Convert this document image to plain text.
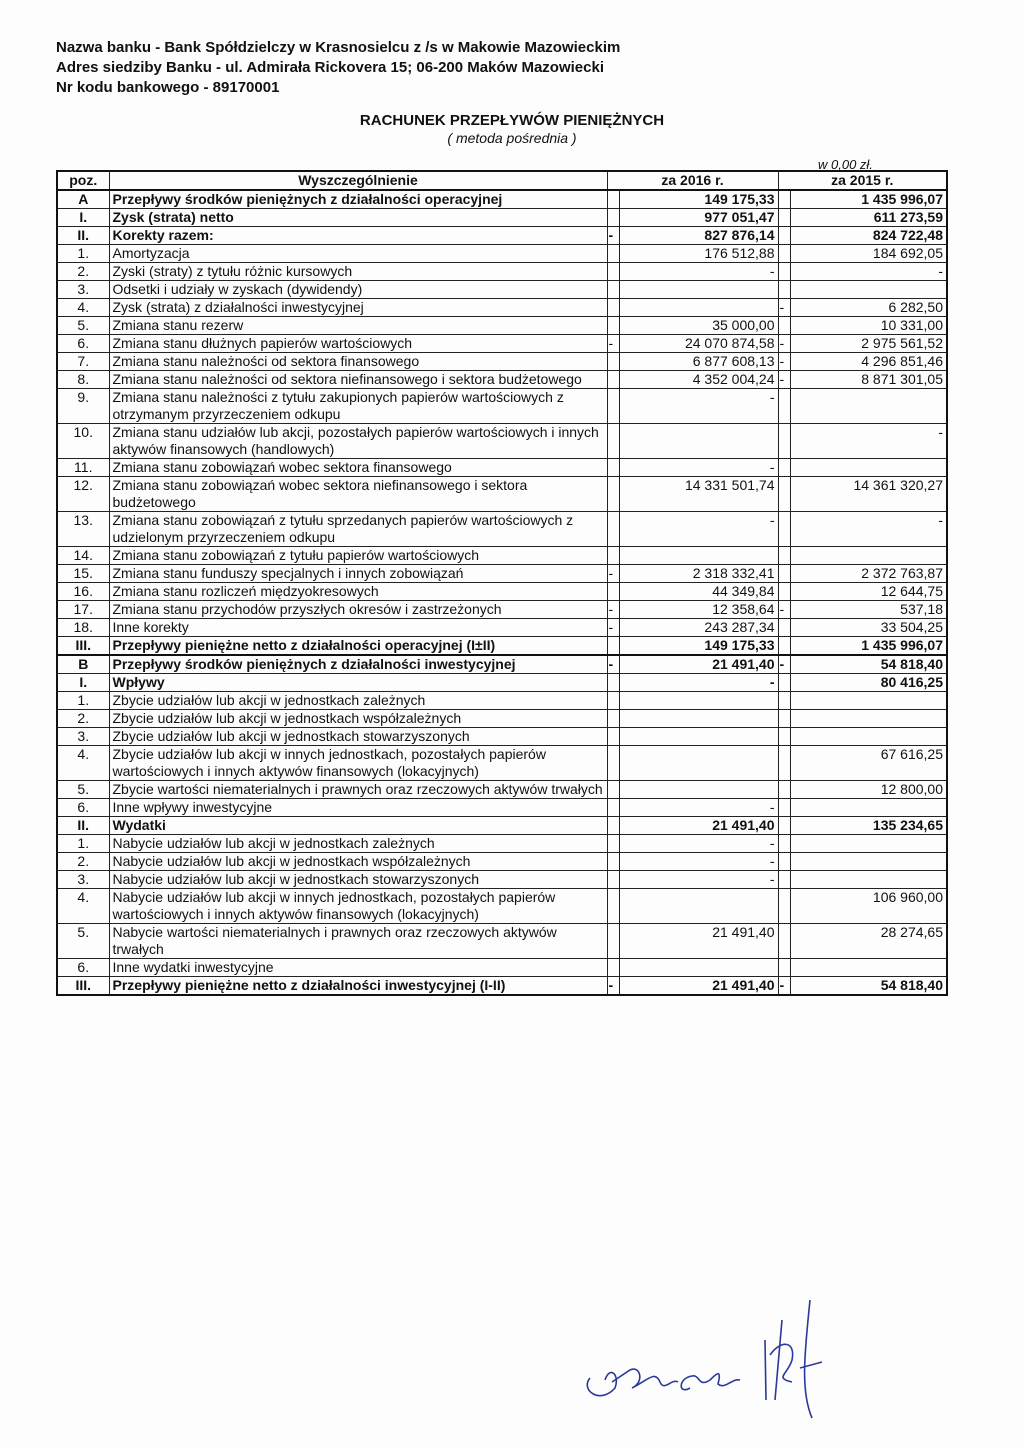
Nazwa banku - Bank Spółdzielczy w Krasnosielcu z /s w Makowie Mazowieckim
Adres siedziby Banku - ul. Admirała Rickovera 15; 06-200 Maków Mazowiecki
Nr kodu bankowego - 89170001
RACHUNEK PRZEPŁYWÓW PIENIĘŻNYCH
( metoda pośrednia )
w 0,00 zł.
poz.	Wyszczególnienie	za 2016 r.		za 2015 r.	
A	Przepływy środków pieniężnych z działalności operacyjnej		149 175,33		1 435 996,07
I.	Zysk (strata) netto		977 051,47		611 273,59
II.	Korekty razem:	-	827 876,14		824 722,48
1.	Amortyzacja		176 512,88		184 692,05
2.	Zyski (straty) z tytułu różnic kursowych		-		-
3.	Odsetki i udziały w zyskach (dywidendy)				
4.	Zysk (strata) z działalności inwestycyjnej			-	6 282,50
5.	Zmiana stanu rezerw		35 000,00		10 331,00
6.	Zmiana stanu dłużnych papierów wartościowych	-	24 070 874,58	-	2 975 561,52
7.	Zmiana stanu należności od sektora finansowego		6 877 608,13	-	4 296 851,46
8.	Zmiana stanu należności od sektora niefinansowego i sektora budżetowego		4 352 004,24	-	8 871 301,05
9.	Zmiana stanu należności z tytułu zakupionych papierów wartościowych z otrzymanym przyrzeczeniem odkupu		-		
10.	Zmiana stanu udziałów lub akcji, pozostałych papierów wartościowych i innych aktywów finansowych (handlowych)				-
11.	Zmiana stanu zobowiązań wobec sektora finansowego		-		
12.	Zmiana stanu zobowiązań wobec sektora niefinansowego i sektora budżetowego		14 331 501,74		14 361 320,27
13.	Zmiana stanu zobowiązań z tytułu sprzedanych papierów wartościowych z udzielonym przyrzeczeniem odkupu		-		-
14.	Zmiana stanu zobowiązań z tytułu papierów wartościowych				
15.	Zmiana stanu funduszy specjalnych i innych zobowiązań	-	2 318 332,41		2 372 763,87
16.	Zmiana stanu rozliczeń międzyokresowych		44 349,84		12 644,75
17.	Zmiana stanu przychodów przyszłych okresów i zastrzeżonych	-	12 358,64	-	537,18
18.	Inne korekty	-	243 287,34		33 504,25
III.	Przepływy pieniężne netto z działalności operacyjnej (I±II)		149 175,33		1 435 996,07
B	Przepływy środków pieniężnych z działalności inwestycyjnej	-	21 491,40	-	54 818,40
I.	Wpływy		-		80 416,25
1.	Zbycie udziałów lub akcji w jednostkach zależnych				
2.	Zbycie udziałów lub akcji w jednostkach współzależnych				
3.	Zbycie udziałów lub akcji w jednostkach stowarzyszonych				
4.	Zbycie udziałów lub akcji w innych jednostkach, pozostałych papierów wartościowych i innych aktywów finansowych (lokacyjnych)				67 616,25
5.	Zbycie wartości niematerialnych i prawnych oraz rzeczowych aktywów trwałych				12 800,00
6.	Inne wpływy inwestycyjne		-		
II.	Wydatki		21 491,40		135 234,65
1.	Nabycie udziałów lub akcji w jednostkach zależnych		-		
2.	Nabycie udziałów lub akcji w jednostkach współzależnych		-		
3.	Nabycie udziałów lub akcji w jednostkach stowarzyszonych		-		
4.	Nabycie udziałów lub akcji w innych jednostkach, pozostałych papierów wartościowych i innych aktywów finansowych (lokacyjnych)				106 960,00
5.	Nabycie wartości niematerialnych i prawnych oraz rzeczowych aktywów trwałych		21 491,40		28 274,65
6.	Inne wydatki inwestycyjne				
III.	Przepływy pieniężne netto z działalności inwestycyjnej (I-II)	-	21 491,40	-	54 818,40
